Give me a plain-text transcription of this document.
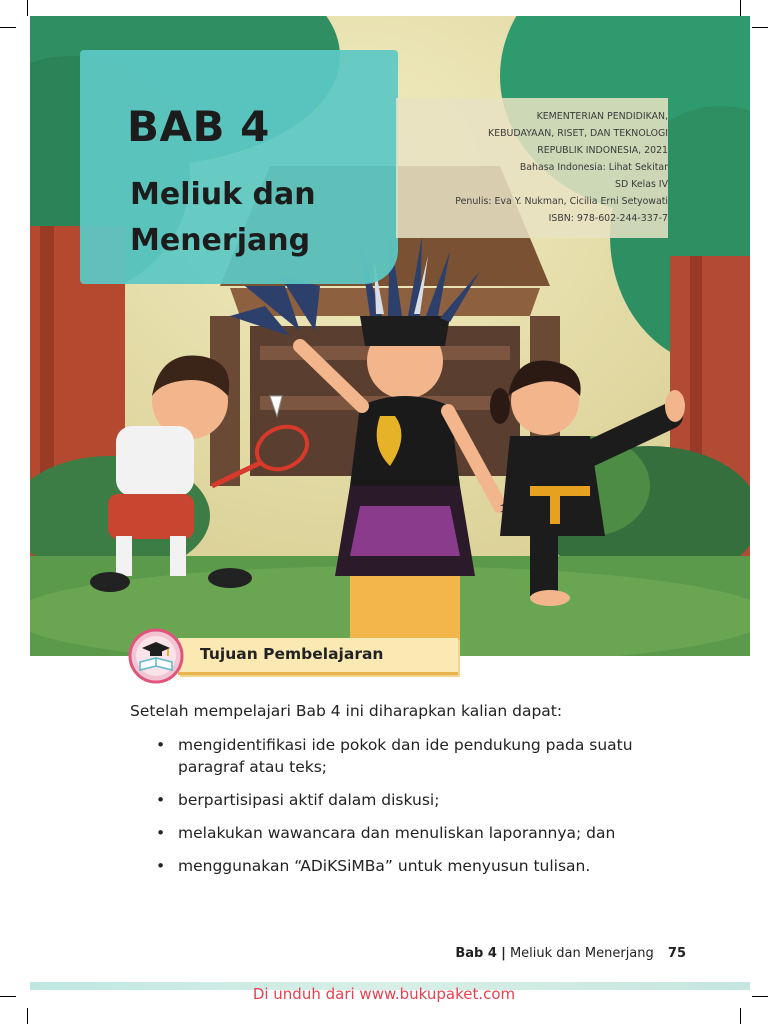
BAB 4
Meliuk dan Menerjang
KEMENTERIAN PENDIDIKAN,
KEBUDAYAAN, RISET, DAN TEKNOLOGI
REPUBLIK INDONESIA, 2021
Bahasa Indonesia: Lihat Sekitar
SD Kelas IV
Penulis: Eva Y. Nukman, Cicilia Erni Setyowati
ISBN: 978-602-244-337-7
Tujuan Pembelajaran
Setelah mempelajari Bab 4 ini diharapkan kalian dapat:
• mengidentifikasi ide pokok dan ide pendukung pada suatu paragraf atau teks;
• berpartisipasi aktif dalam diskusi;
• melakukan wawancara dan menuliskan laporannya; dan
• menggunakan “ADiKSiMBa” untuk menyusun tulisan.
Bab 4 | Meliuk dan Menerjang 75
Di unduh dari www.bukupaket.com
